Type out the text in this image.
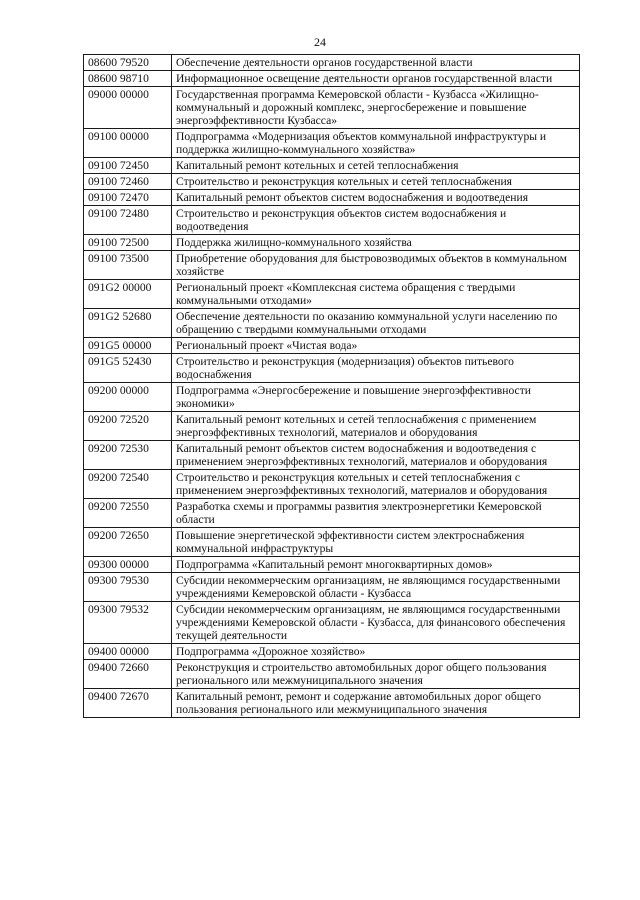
24
08600 79520	Обеспечение деятельности органов государственной власти
08600 98710	Информационное освещение деятельности органов государственной власти
09000 00000	Государственная программа Кемеровской области - Кузбасса «Жилищно-коммунальный и дорожный комплекс, энергосбережение и повышение энергоэффективности Кузбасса»
09100 00000	Подпрограмма «Модернизация объектов коммунальной инфраструктуры и поддержка жилищно-коммунального хозяйства»
09100 72450	Капитальный ремонт котельных и сетей теплоснабжения
09100 72460	Строительство и реконструкция котельных и сетей теплоснабжения
09100 72470	Капитальный ремонт объектов систем водоснабжения и водоотведения
09100 72480	Строительство и реконструкция объектов систем водоснабжения и водоотведения
09100 72500	Поддержка жилищно-коммунального хозяйства
09100 73500	Приобретение оборудования для быстровозводимых объектов в коммунальном хозяйстве
091G2 00000	Региональный проект «Комплексная система обращения с твердыми коммунальными отходами»
091G2 52680	Обеспечение деятельности по оказанию коммунальной услуги населению по обращению с твердыми коммунальными отходами
091G5 00000	Региональный проект «Чистая вода»
091G5 52430	Строительство и реконструкция (модернизация) объектов питьевого водоснабжения
09200 00000	Подпрограмма «Энергосбережение и повышение энергоэффективности экономики»
09200 72520	Капитальный ремонт котельных и сетей теплоснабжения с применением энергоэффективных технологий, материалов и оборудования
09200 72530	Капитальный ремонт объектов систем водоснабжения и водоотведения с применением энергоэффективных технологий, материалов и оборудования
09200 72540	Строительство и реконструкция котельных и сетей теплоснабжения с применением энергоэффективных технологий, материалов и оборудования
09200 72550	Разработка схемы и программы развития электроэнергетики Кемеровской области
09200 72650	Повышение энергетической эффективности систем электроснабжения коммунальной инфраструктуры
09300 00000	Подпрограмма «Капитальный ремонт многоквартирных домов»
09300 79530	Субсидии некоммерческим организациям, не являющимся государственными учреждениями Кемеровской области - Кузбасса
09300 79532	Субсидии некоммерческим организациям, не являющимся государственными учреждениями Кемеровской области - Кузбасса, для финансового обеспечения текущей деятельности
09400 00000	Подпрограмма «Дорожное хозяйство»
09400 72660	Реконструкция и строительство автомобильных дорог общего пользования регионального или межмуниципального значения
09400 72670	Капитальный ремонт, ремонт и содержание автомобильных дорог общего пользования регионального или межмуниципального значения
